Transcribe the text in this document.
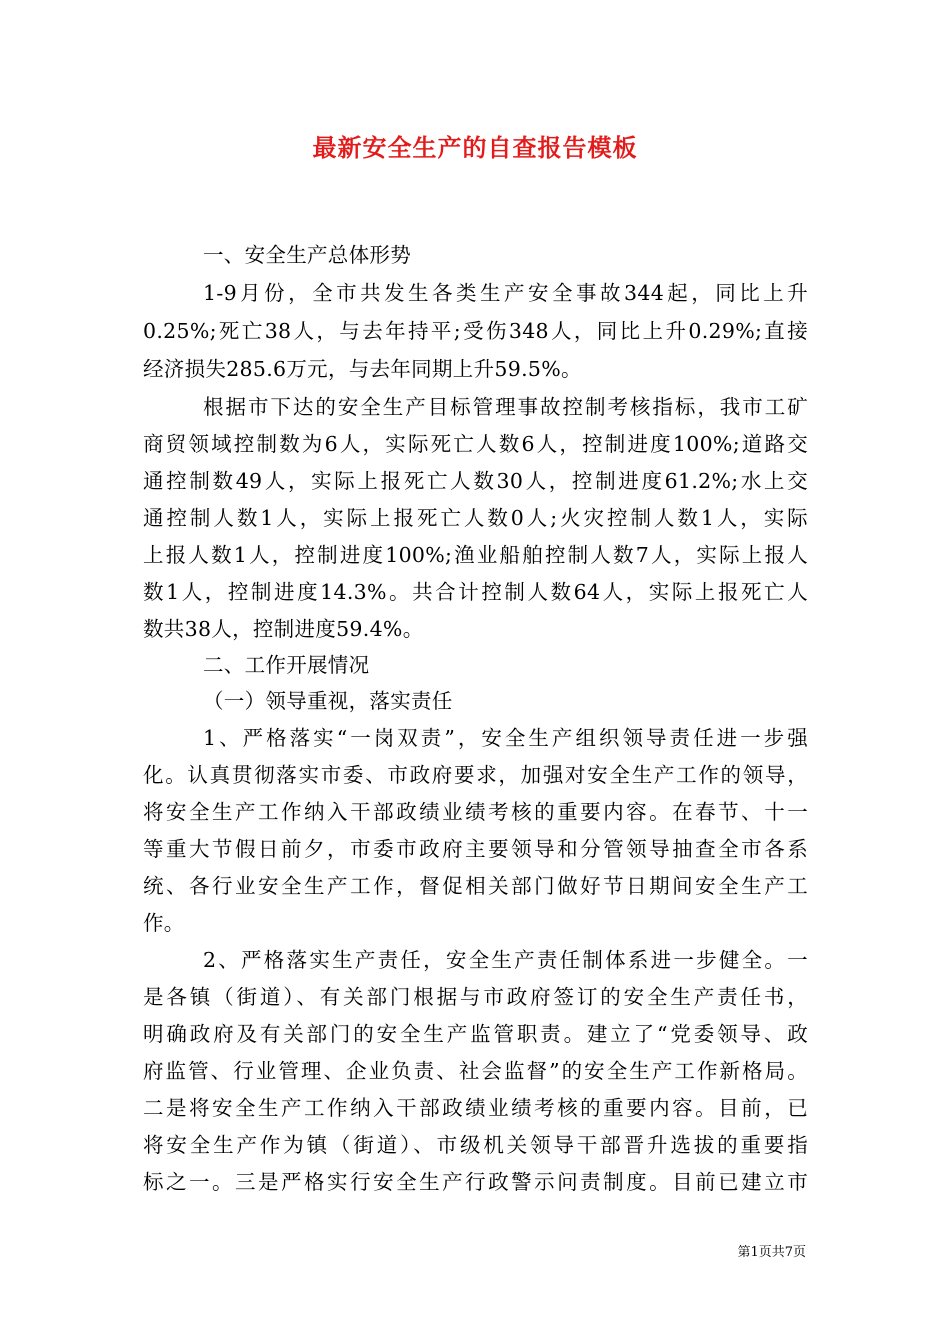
最新安全生产的自查报告模板
一、安全生产总体形势
1-9月份，全市共发生各类生产安全事故344起，同比上升
0.25%;死亡38人，与去年持平;受伤348人，同比上升0.29%;直接
经济损失285.6万元，与去年同期上升59.5%。
根据市下达的安全生产目标管理事故控制考核指标，我市工矿
商贸领域控制数为6人，实际死亡人数6人，控制进度100%;道路交
通控制数49人，实际上报死亡人数30人，控制进度61.2%;水上交
通控制人数1人，实际上报死亡人数0人;火灾控制人数1人，实际
上报人数1人，控制进度100%;渔业船舶控制人数7人，实际上报人
数1人，控制进度14.3%。共合计控制人数64人，实际上报死亡人
数共38人，控制进度59.4%。
二、工作开展情况
（一）领导重视，落实责任
1、严格落实“一岗双责”，安全生产组织领导责任进一步强
化。认真贯彻落实市委、市政府要求，加强对安全生产工作的领导，
将安全生产工作纳入干部政绩业绩考核的重要内容。在春节、十一
等重大节假日前夕，市委市政府主要领导和分管领导抽查全市各系
统、各行业安全生产工作，督促相关部门做好节日期间安全生产工
作。
2、严格落实生产责任，安全生产责任制体系进一步健全。一
是各镇（街道）、有关部门根据与市政府签订的安全生产责任书，
明确政府及有关部门的安全生产监管职责。建立了“党委领导、政
府监管、行业管理、企业负责、社会监督”的安全生产工作新格局。
二是将安全生产工作纳入干部政绩业绩考核的重要内容。目前，已
将安全生产作为镇（街道）、市级机关领导干部晋升选拔的重要指
标之一。三是严格实行安全生产行政警示问责制度。目前已建立市
第1页共7页
